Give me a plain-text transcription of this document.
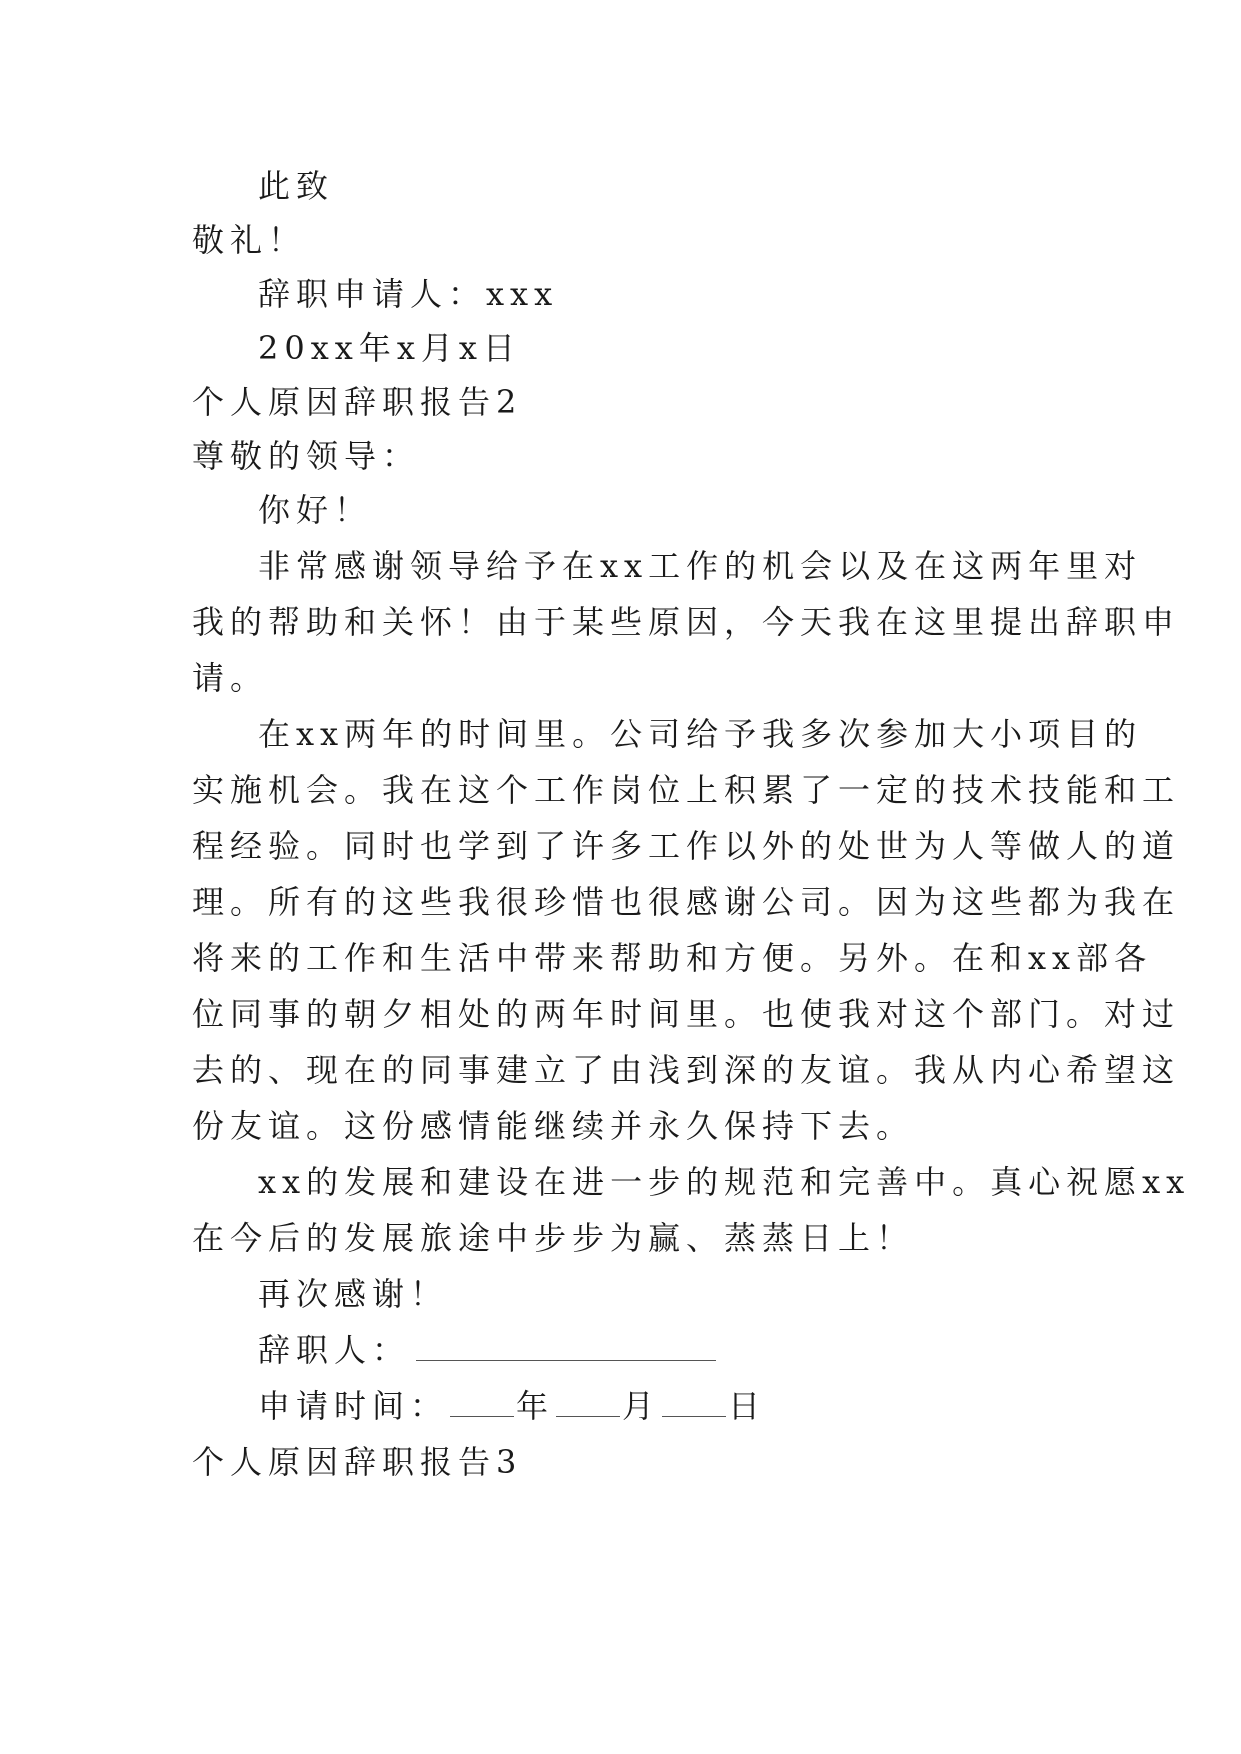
此致
敬礼！
辞职申请人：xxx
20xx年x月x日
个人原因辞职报告2
尊敬的领导：
你好！
非常感谢领导给予在xx工作的机会以及在这两年里对
我的帮助和关怀！由于某些原因，今天我在这里提出辞职申
请。
在xx两年的时间里。公司给予我多次参加大小项目的
实施机会。我在这个工作岗位上积累了一定的技术技能和工
程经验。同时也学到了许多工作以外的处世为人等做人的道
理。所有的这些我很珍惜也很感谢公司。因为这些都为我在
将来的工作和生活中带来帮助和方便。另外。在和xx部各
位同事的朝夕相处的两年时间里。也使我对这个部门。对过
去的、现在的同事建立了由浅到深的友谊。我从内心希望这
份友谊。这份感情能继续并永久保持下去。
xx的发展和建设在进一步的规范和完善中。真心祝愿xx
在今后的发展旅途中步步为赢、蒸蒸日上！
再次感谢！
辞职人：
申请时间： 年 月 日
个人原因辞职报告3
